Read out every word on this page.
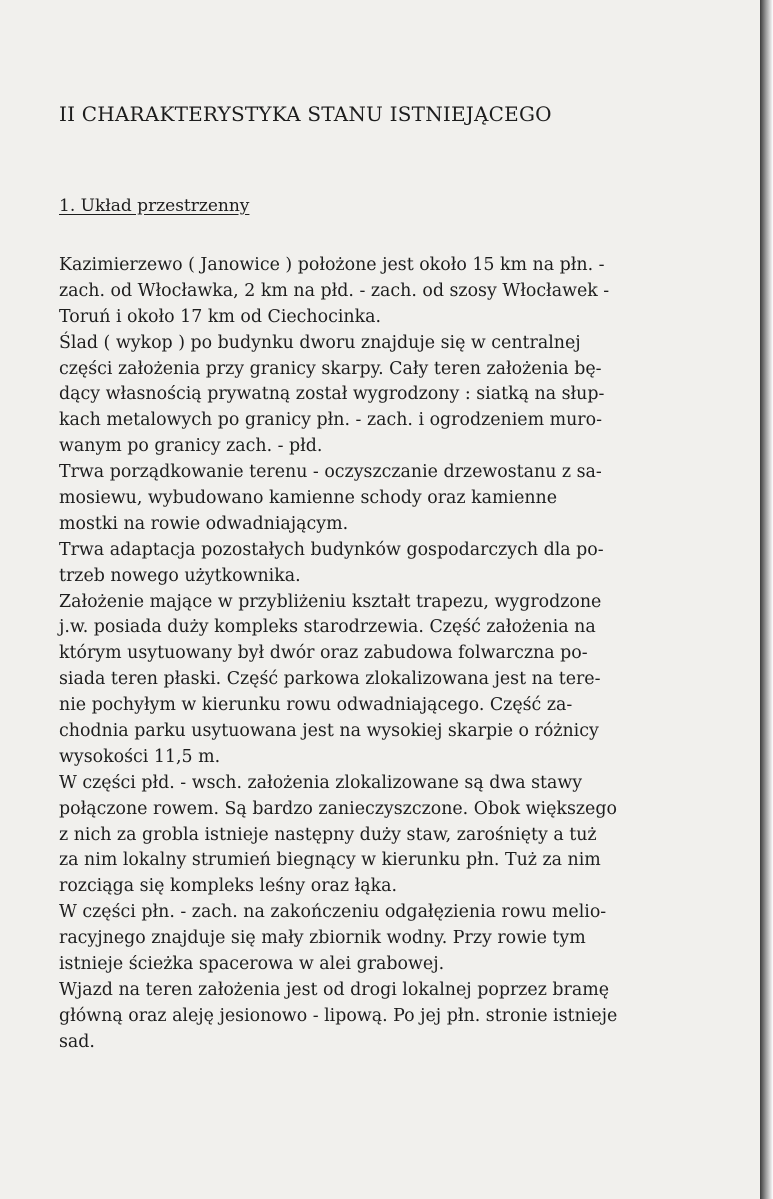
II CHARAKTERYSTYKA STANU ISTNIEJĄCEGO
1. Układ przestrzenny
Kazimierzewo ( Janowice ) położone jest około 15 km na płn. -
zach. od Włocławka, 2 km na płd. - zach. od szosy Włocławek -
Toruń i około 17 km od Ciechocinka.
Ślad ( wykop ) po budynku dworu znajduje się w centralnej
części założenia przy granicy skarpy. Cały teren założenia bę-
dący własnością prywatną został wygrodzony : siatką na słup-
kach metalowych po granicy płn. - zach. i ogrodzeniem muro-
wanym po granicy zach. - płd.
Trwa porządkowanie terenu - oczyszczanie drzewostanu z sa-
mosiewu, wybudowano kamienne schody oraz kamienne
mostki na rowie odwadniającym.
Trwa adaptacja pozostałych budynków gospodarczych dla po-
trzeb nowego użytkownika.
Założenie mające w przybliżeniu kształt trapezu, wygrodzone
j.w. posiada duży kompleks starodrzewia. Część założenia na
którym usytuowany był dwór oraz zabudowa folwarczna po-
siada teren płaski. Część parkowa zlokalizowana jest na tere-
nie pochyłym w kierunku rowu odwadniającego. Część za-
chodnia parku usytuowana jest na wysokiej skarpie o różnicy
wysokości 11,5 m.
W części płd. - wsch. założenia zlokalizowane są dwa stawy
połączone rowem. Są bardzo zanieczyszczone. Obok większego
z nich za grobla istnieje następny duży staw, zarośnięty a tuż
za nim lokalny strumień biegnący w kierunku płn. Tuż za nim
rozciąga się kompleks leśny oraz łąka.
W części płn. - zach. na zakończeniu odgałęzienia rowu melio-
racyjnego znajduje się mały zbiornik wodny. Przy rowie tym
istnieje ścieżka spacerowa w alei grabowej.
Wjazd na teren założenia jest od drogi lokalnej poprzez bramę
główną oraz aleję jesionowo - lipową. Po jej płn. stronie istnieje
sad.
